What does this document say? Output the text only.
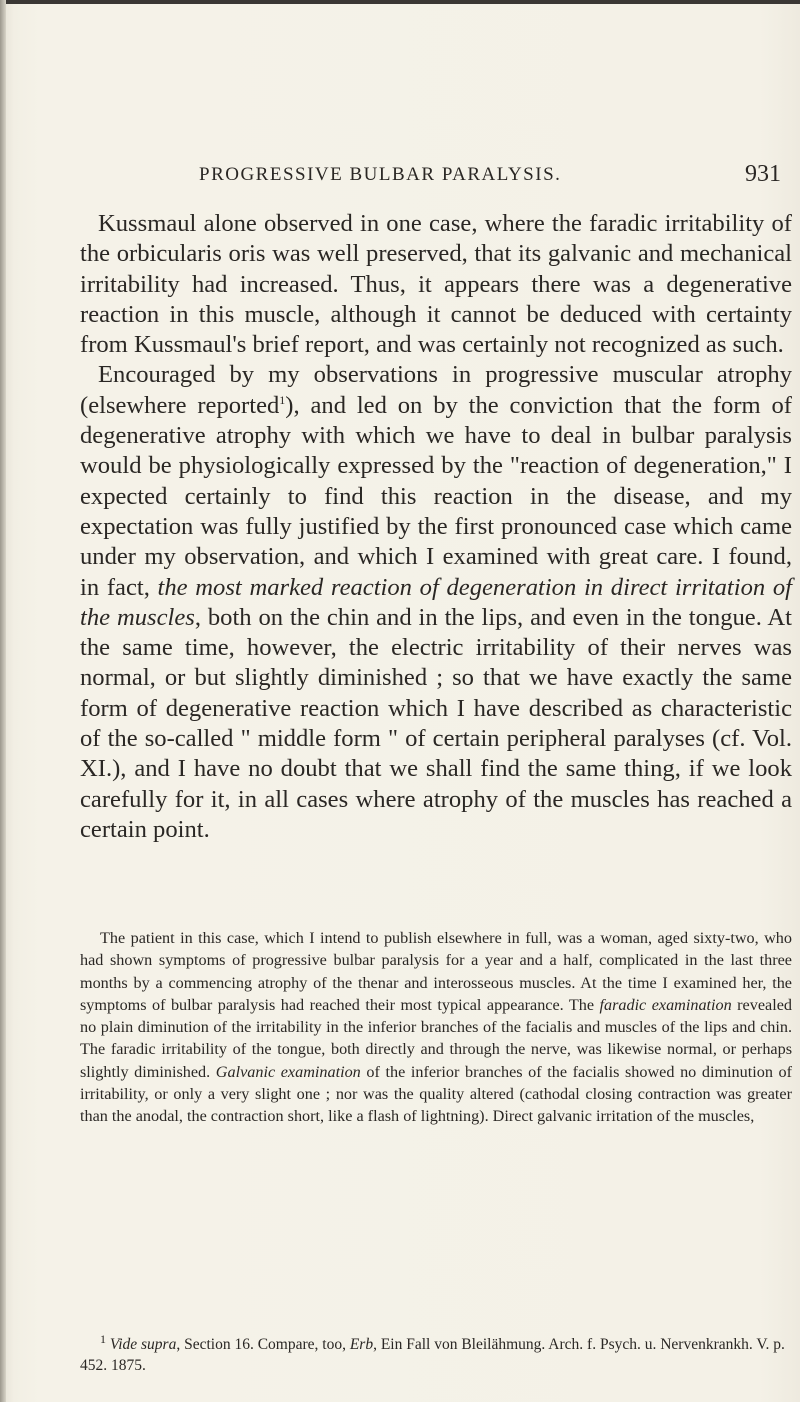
PROGRESSIVE BULBAR PARALYSIS.	931

Kussmaul alone observed in one case, where the faradic irritability of the orbicularis oris was well preserved, that its galvanic and mechanical irritability had increased. Thus, it appears there was a degenerative reaction in this muscle, although it cannot be deduced with certainty from Kussmaul's brief report, and was certainly not recognized as such.

Encouraged by my observations in progressive muscular atrophy (elsewhere reported$^1$), and led on by the conviction that the form of degenerative atrophy with which we have to deal in bulbar paralysis would be physiologically expressed by the "reaction of degeneration," I expected certainly to find this reaction in the disease, and my expectation was fully justified by the first pronounced case which came under my observation, and which I examined with great care. I found, in fact, the most marked reaction of degeneration in direct irritation of the muscles, both on the chin and in the lips, and even in the tongue. At the same time, however, the electric irritability of their nerves was normal, or but slightly diminished ; so that we have exactly the same form of degenerative reaction which I have described as characteristic of the so-called " middle form " of certain peripheral paralyses (cf. Vol. XI.), and I have no doubt that we shall find the same thing, if we look carefully for it, in all cases where atrophy of the muscles has reached a certain point.

The patient in this case, which I intend to publish elsewhere in full, was a woman, aged sixty-two, who had shown symptoms of progressive bulbar paralysis for a year and a half, complicated in the last three months by a commencing atrophy of the thenar and interosseous muscles. At the time I examined her, the symptoms of bulbar paralysis had reached their most typical appearance. The faradic examination revealed no plain diminution of the irritability in the inferior branches of the facialis and muscles of the lips and chin. The faradic irritability of the tongue, both directly and through the nerve, was likewise normal, or perhaps slightly diminished. Galvanic examination of the inferior branches of the facialis showed no diminution of irritability, or only a very slight one ; nor was the quality altered (cathodal closing contraction was greater than the anodal, the contraction short, like a flash of lightning). Direct galvanic irritation of the muscles,

$^1$ Vide supra, Section 16. Compare, too, Erb, Ein Fall von Bleilähmung. Arch. f. Psych. u. Nervenkrankh. V. p. 452. 1875.
